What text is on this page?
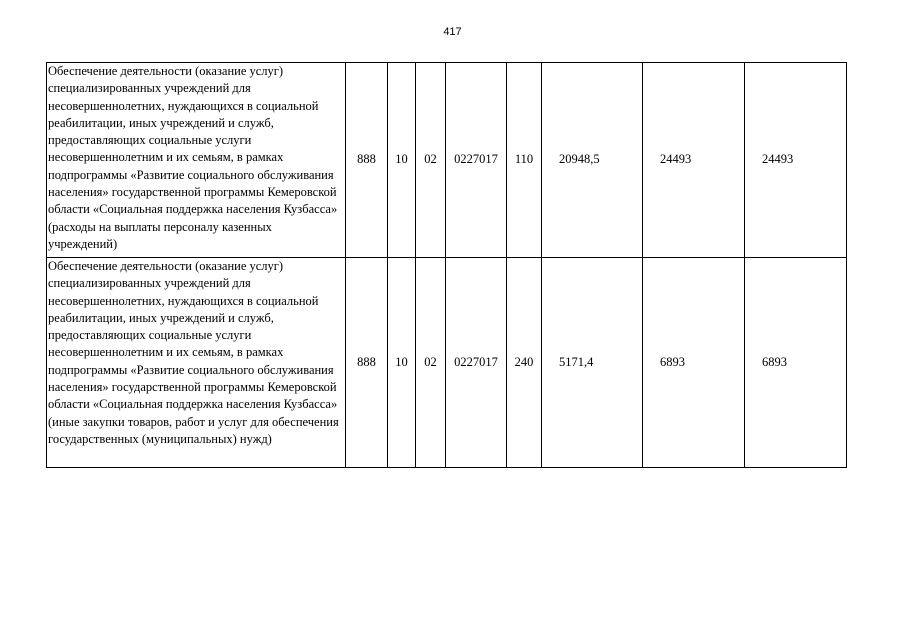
417
Обеспечение деятельности (оказание услуг) специализированных учреждений для несовершеннолетних, нуждающихся в социальной реабилитации, иных учреждений и служб, предоставляющих социальные услуги несовершеннолетним и их семьям, в рамках подпрограммы «Развитие социального обслуживания населения» государственной программы Кемеровской области «Социальная поддержка населения Кузбасса» (расходы на выплаты персоналу казенных учреждений)	888	10	02	0227017	110	20948,5	24493	24493
Обеспечение деятельности (оказание услуг) специализированных учреждений для несовершеннолетних, нуждающихся в социальной реабилитации, иных учреждений и служб, предоставляющих социальные услуги несовершеннолетним и их семьям, в рамках подпрограммы «Развитие социального обслуживания населения» государственной программы Кемеровской области «Социальная поддержка населения Кузбасса» (иные закупки товаров, работ и услуг для обеспечения государственных (муниципальных) нужд)	888	10	02	0227017	240	5171,4	6893	6893
